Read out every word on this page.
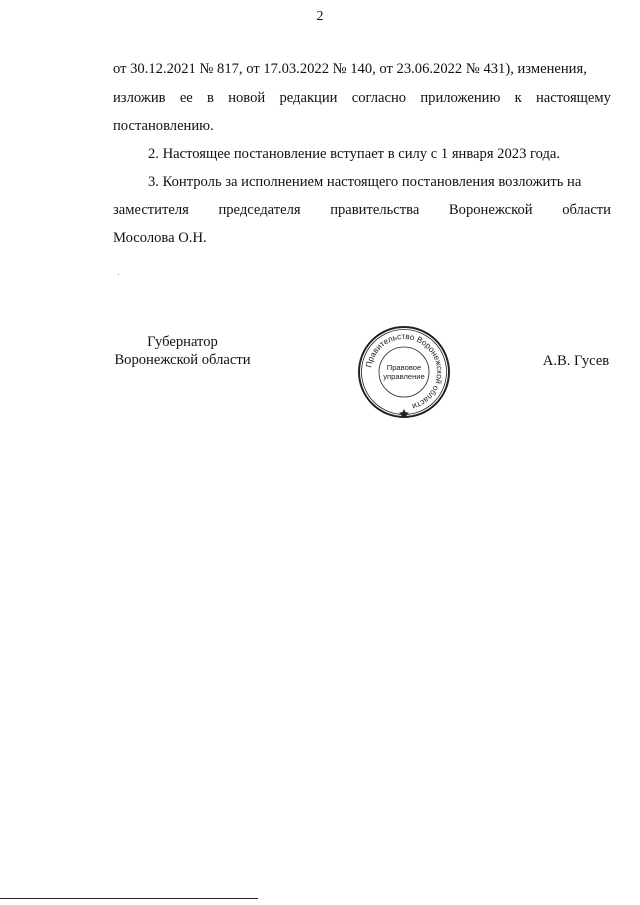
2
от 30.12.2021 № 817, от 17.03.2022 № 140, от 23.06.2022 № 431), изменения,
изложив ее в новой редакции согласно приложению к настоящему
постановлению.
2. Настоящее постановление вступает в силу с 1 января 2023 года.
3. Контроль за исполнением настоящего постановления возложить на
заместителя председателя правительства Воронежской области
Мосолова О.Н.
Губернатор
Воронежской области	Правительство Воронежской области
Правовое
управление
А.В. Гусев
